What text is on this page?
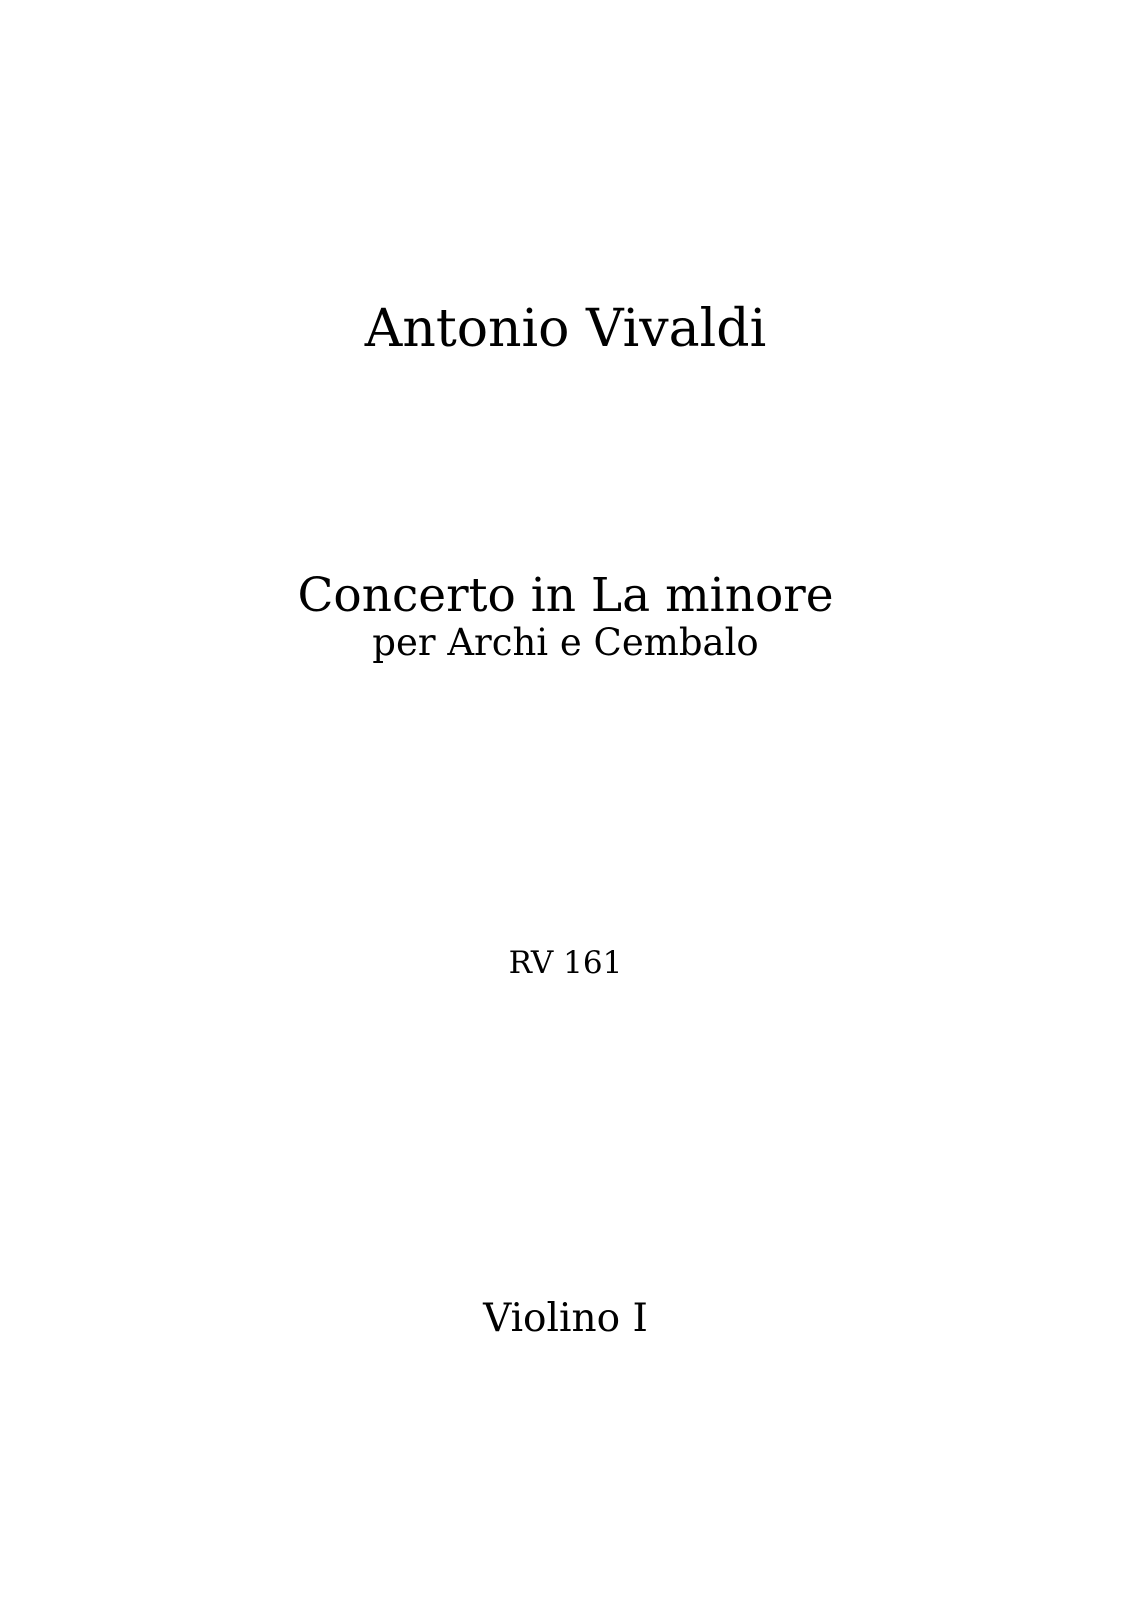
Antonio Vivaldi
Concerto in La minore
per Archi e Cembalo
RV 161
Violino I
